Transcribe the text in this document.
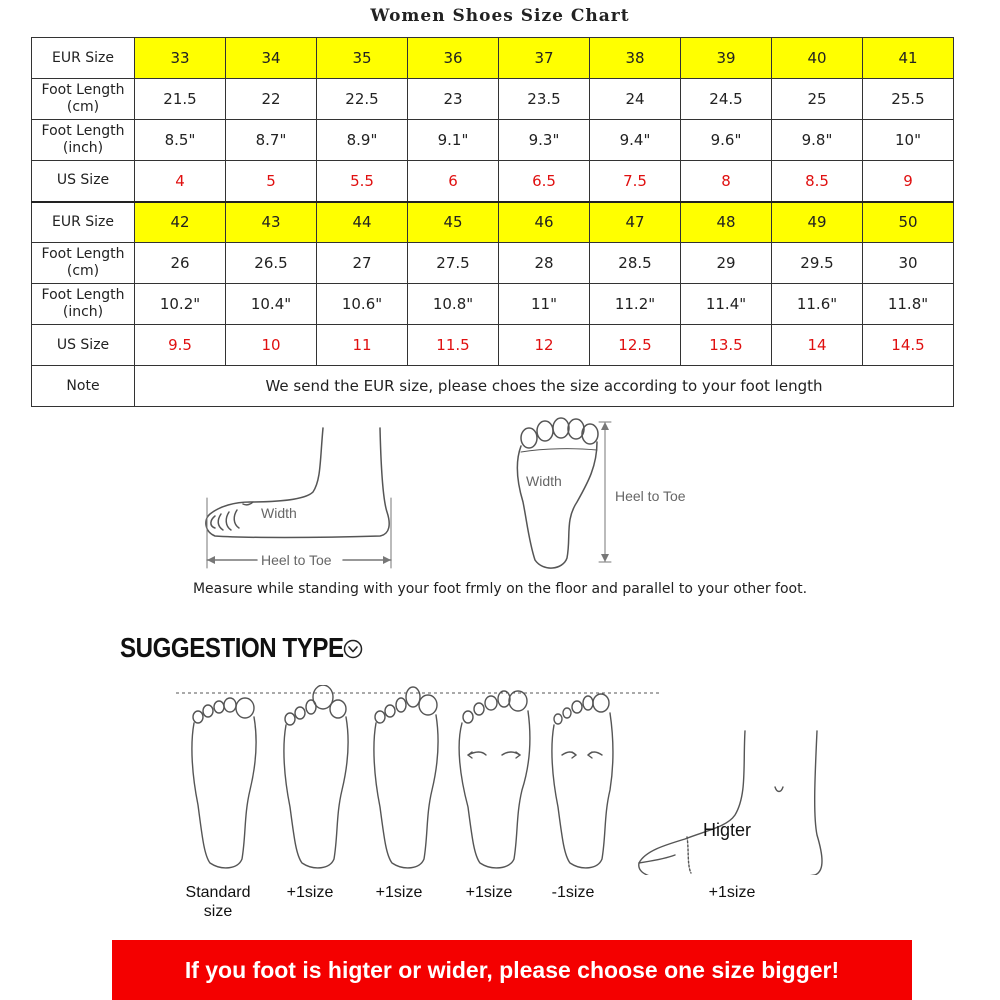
Women Shoes Size Chart
EUR Size	33	34	35	36	37	38	39	40	41
Foot Length
(cm)	21.5	22	22.5	23	23.5	24	24.5	25	25.5
Foot Length
(inch)	8.5"	8.7"	8.9"	9.1"	9.3"	9.4"	9.6"	9.8"	10"
US Size	4	5	5.5	6	6.5	7.5	8	8.5	9
EUR Size	42	43	44	45	46	47	48	49	50
Foot Length
(cm)	26	26.5	27	27.5	28	28.5	29	29.5	30
Foot Length
(inch)	10.2"	10.4"	10.6"	10.8"	11"	11.2"	11.4"	11.6"	11.8"
US Size	9.5	10	11	11.5	12	12.5	13.5	14	14.5
Note	We send the EUR size, please choes the size according to your foot length								
Width
Heel to Toe
Width
Heel to Toe
Measure while standing with your foot frmly on the floor and parallel to your other foot.
SUGGESTION TYPE
Higter
Standard
size
+1size	+1size	+1size	-1size	+1size
If you foot is higter or wider, please choose one size bigger!
